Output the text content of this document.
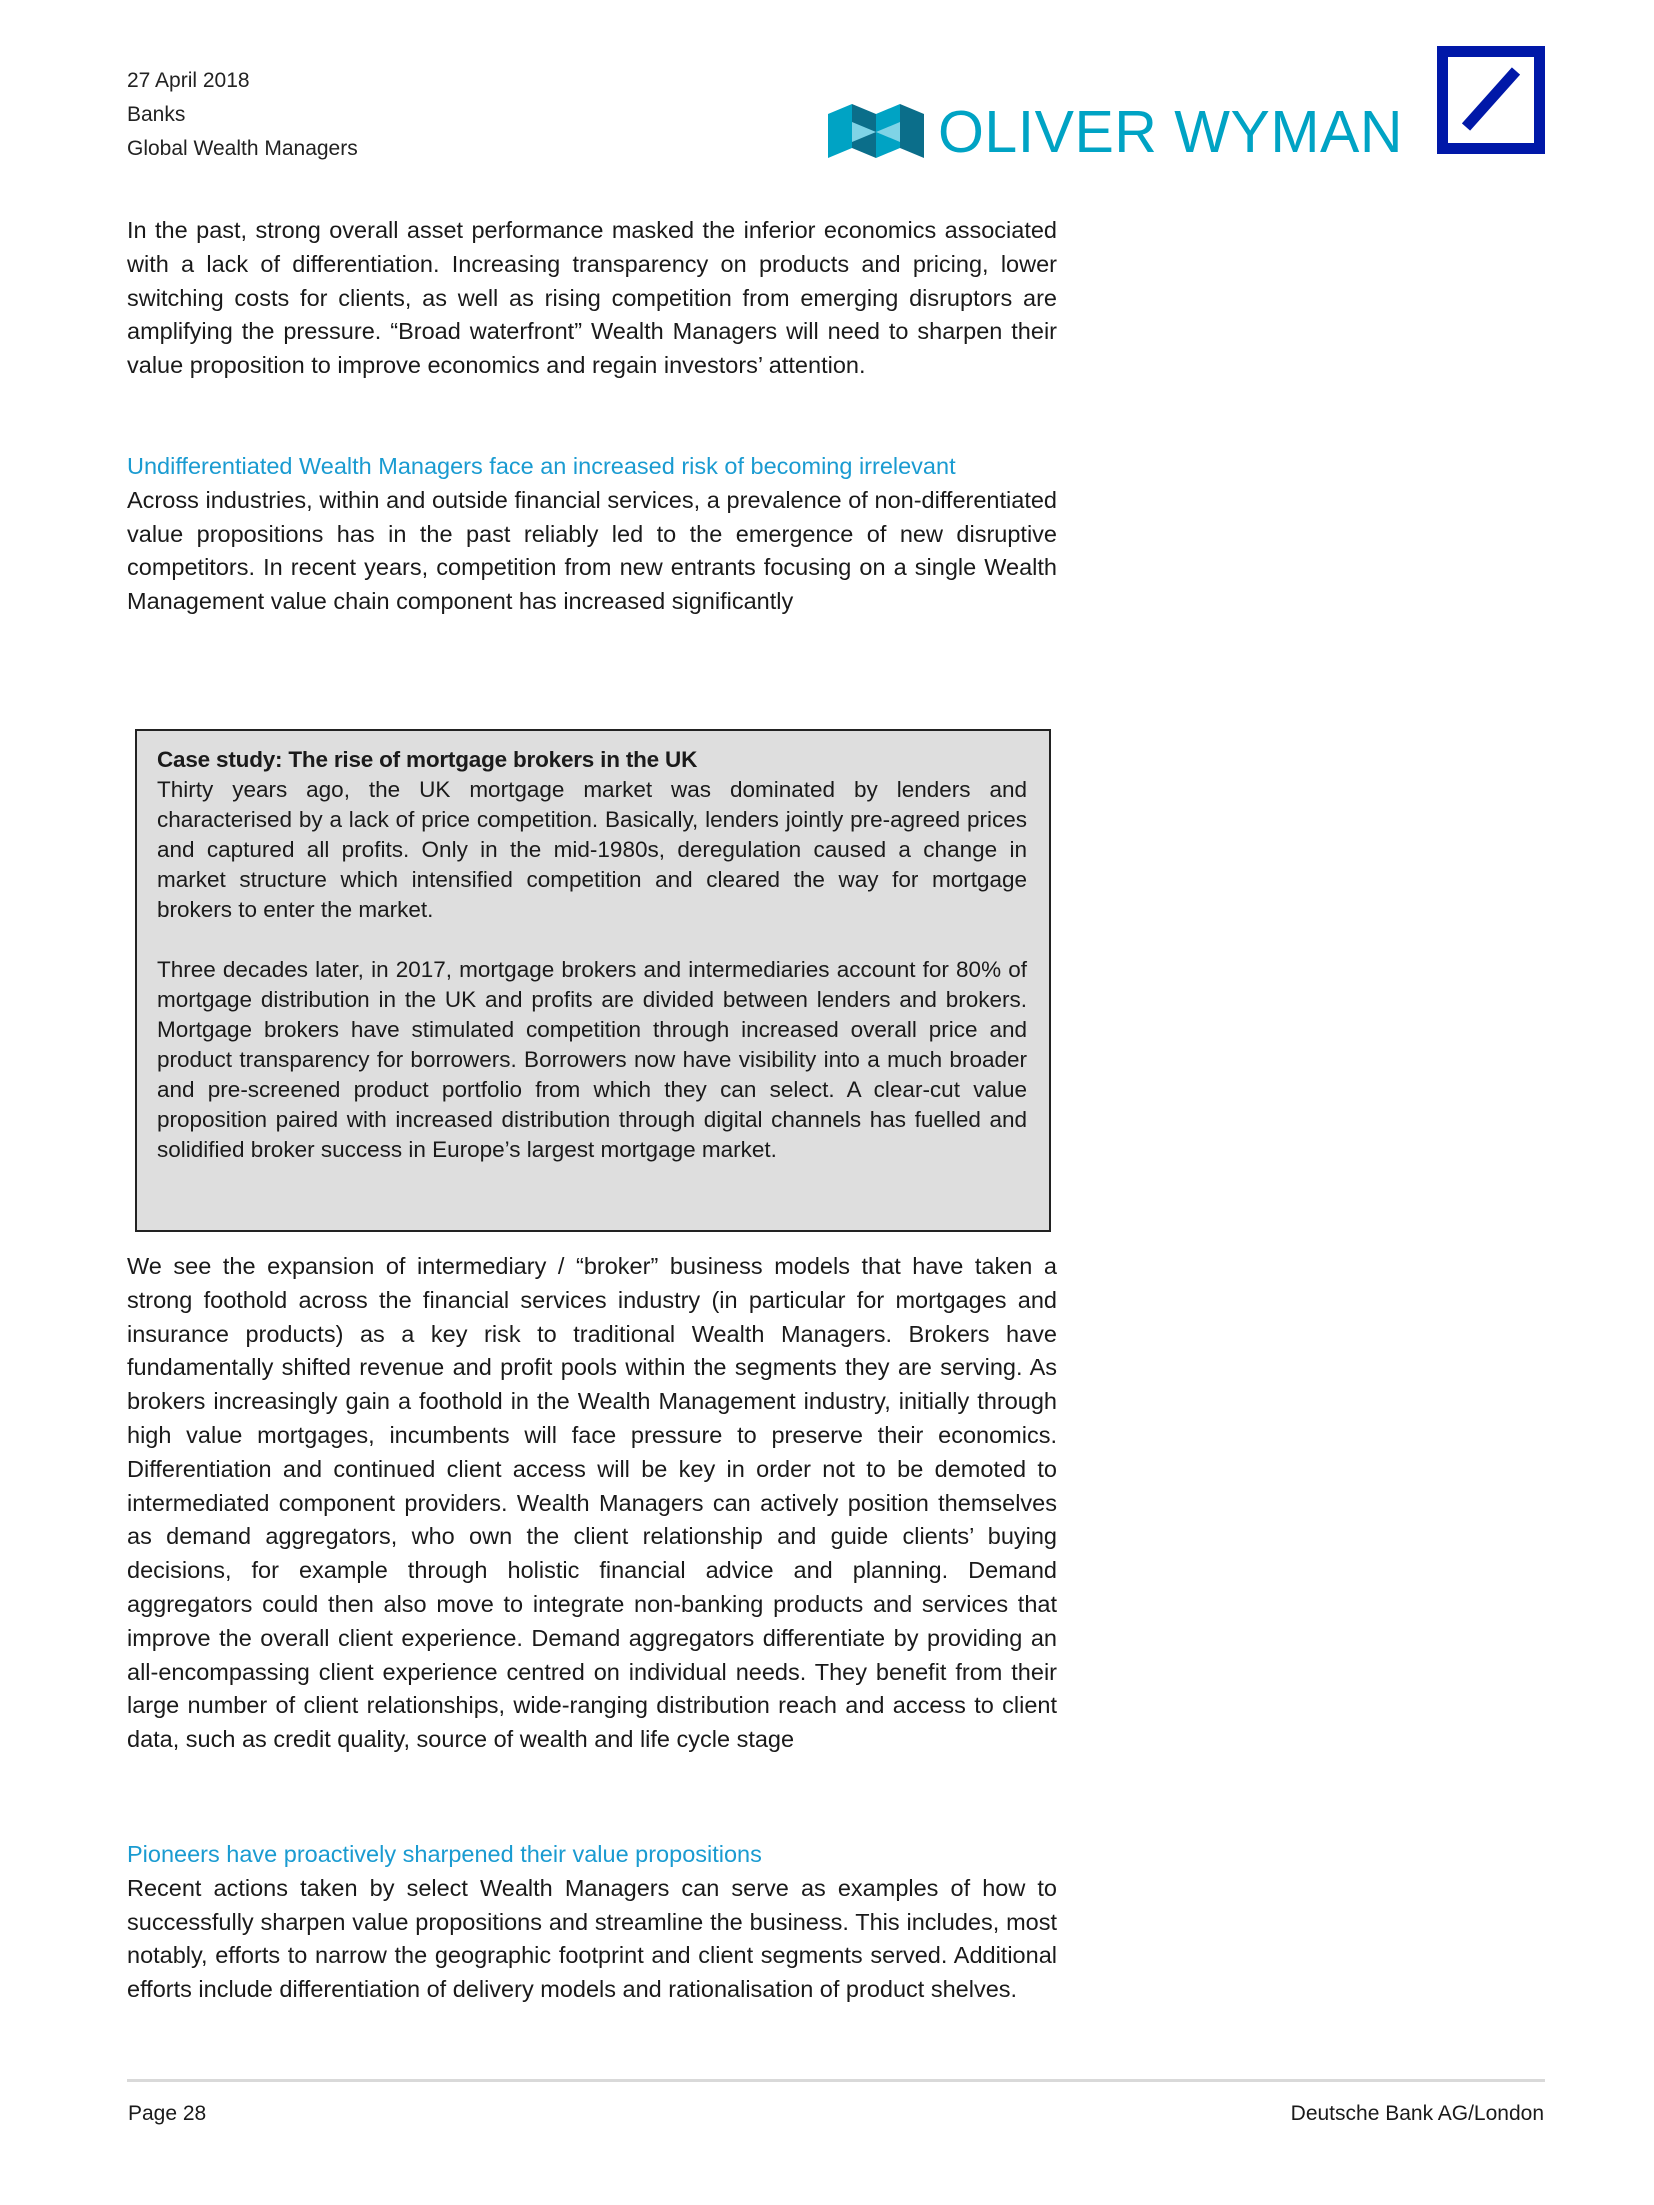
27 April 2018
Banks
Global Wealth Managers	OLIVER WYMAN

In the past, strong overall asset performance masked the inferior economics associated with a lack of differentiation. Increasing transparency on products and pricing, lower switching costs for clients, as well as rising competition from emerging disruptors are amplifying the pressure. “Broad waterfront” Wealth Managers will need to sharpen their value proposition to improve economics and regain investors’ attention.

Undifferentiated Wealth Managers face an increased risk of becoming irrelevant

Across industries, within and outside financial services, a prevalence of non-differentiated value propositions has in the past reliably led to the emergence of new disruptive competitors. In recent years, competition from new entrants focusing on a single Wealth Management value chain component has increased significantly

Case study: The rise of mortgage brokers in the UK

Thirty years ago, the UK mortgage market was dominated by lenders and characterised by a lack of price competition. Basically, lenders jointly pre-agreed prices and captured all profits. Only in the mid-1980s, deregulation caused a change in market structure which intensified competition and cleared the way for mortgage brokers to enter the market.

Three decades later, in 2017, mortgage brokers and intermediaries account for 80% of mortgage distribution in the UK and profits are divided between lenders and brokers. Mortgage brokers have stimulated competition through increased overall price and product transparency for borrowers. Borrowers now have visibility into a much broader and pre-screened product portfolio from which they can select. A clear-cut value proposition paired with increased distribution through digital channels has fuelled and solidified broker success in Europe’s largest mortgage market.

We see the expansion of intermediary / “broker” business models that have taken a strong foothold across the financial services industry (in particular for mortgages and insurance products) as a key risk to traditional Wealth Managers. Brokers have fundamentally shifted revenue and profit pools within the segments they are serving. As brokers increasingly gain a foothold in the Wealth Management industry, initially through high value mortgages, incumbents will face pressure to preserve their economics. Differentiation and continued client access will be key in order not to be demoted to intermediated component providers. Wealth Managers can actively position themselves as demand aggregators, who own the client relationship and guide clients’ buying decisions, for example through holistic financial advice and planning. Demand aggregators could then also move to integrate non-banking products and services that improve the overall client experience. Demand aggregators differentiate by providing an all-encompassing client experience centred on individual needs. They benefit from their large number of client relationships, wide-ranging distribution reach and access to client data, such as credit quality, source of wealth and life cycle stage

Pioneers have proactively sharpened their value propositions

Recent actions taken by select Wealth Managers can serve as examples of how to successfully sharpen value propositions and streamline the business. This includes, most notably, efforts to narrow the geographic footprint and client segments served. Additional efforts include differentiation of delivery models and rationalisation of product shelves.

Page 28	Deutsche Bank AG/London
